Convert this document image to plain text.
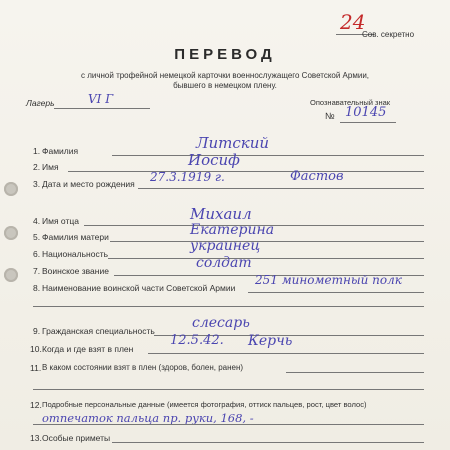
24
Сов. секретно
ПЕРЕВОД
с личной трофейной немецкой карточки военнослужащего Советской Армии,
бывшего в немецком плену.
Лагерь	VI Г	Опознавательный знак
№ 10145
1. Фамилия	Литский
2. Имя	Иосиф
3. Дата и место рождения 27.3.1919 г.	Фастов
4. Имя отца	Михаил
5. Фамилия матери	Екатерина
6. Национальность	украинец
7. Воинское звание	солдат
8. Наименование воинской части Советской Армии
251 минометный полк
9. Гражданская специальность	слесарь
10. Когда и где взят в плен
12.5.42. Керчь
11. В каком состоянии взят в плен (здоров, болен, ранен)
12. Подробные персональные данные (имеется фотография, оттиск пальцев, рост, цвет волос)
отпечаток пальца пр. руки, 168, -
13. Особые приметы
